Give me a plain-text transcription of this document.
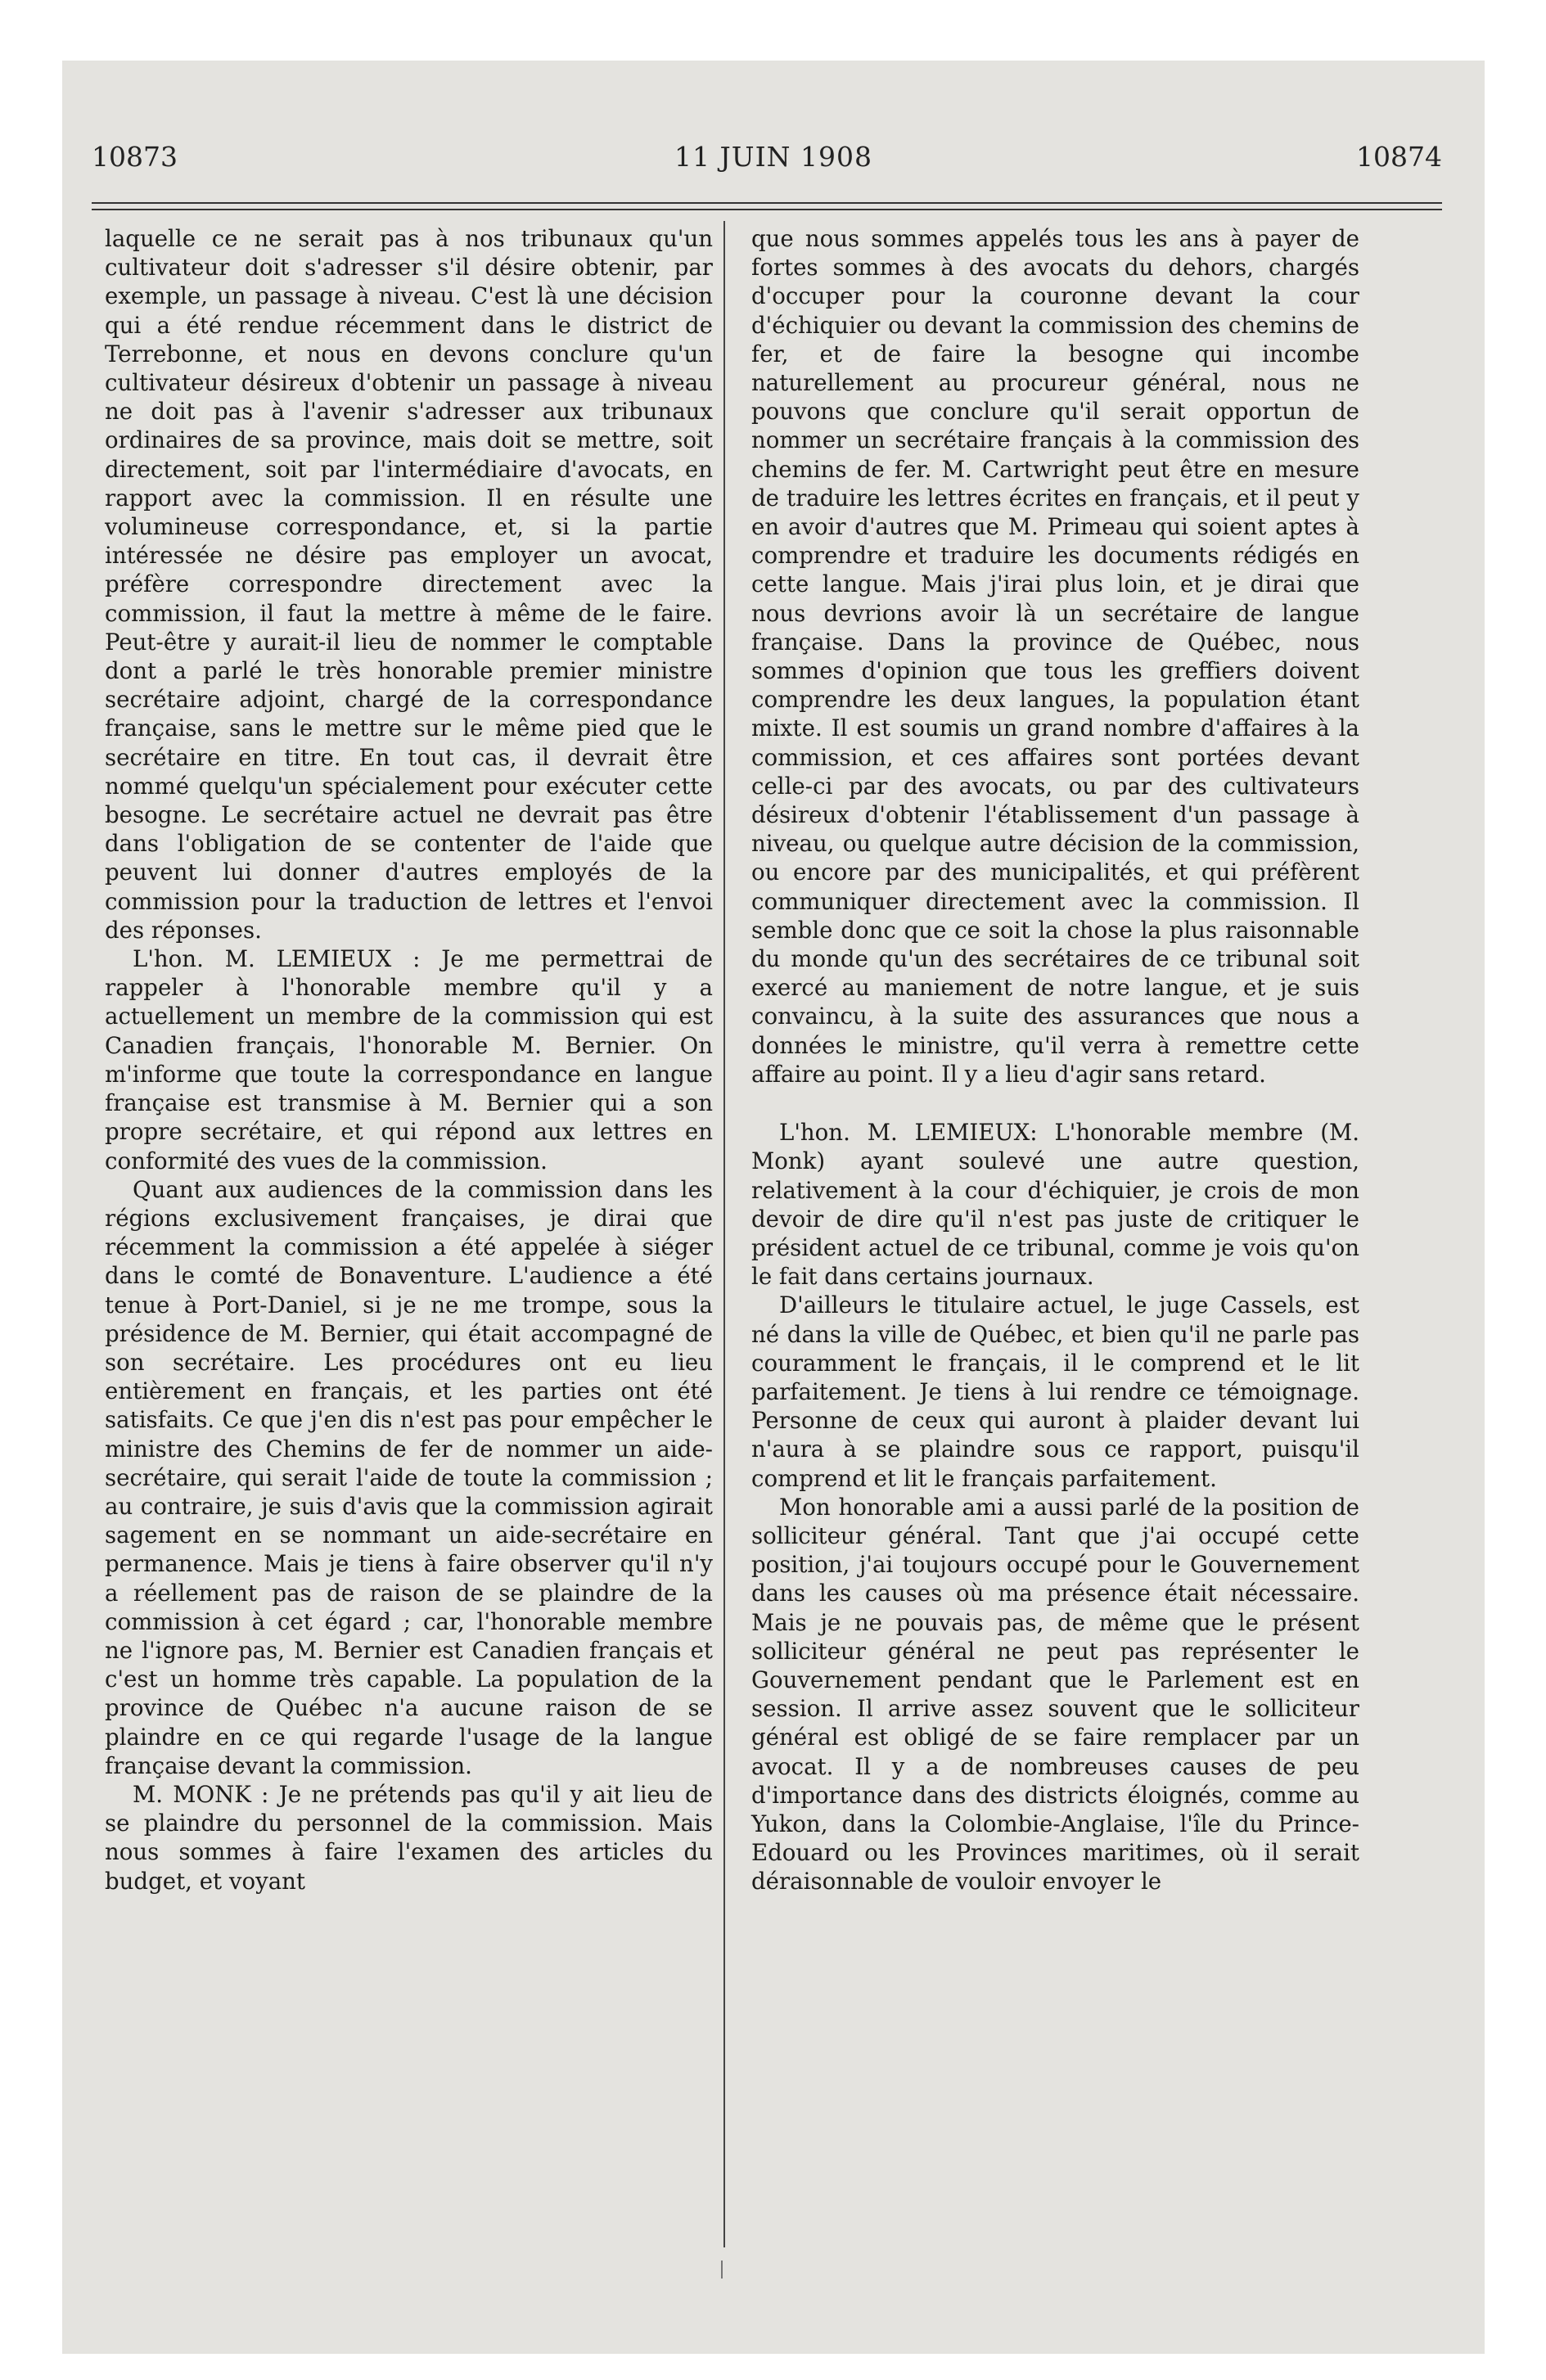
10873	11 JUIN 1908	10874

laquelle ce ne serait pas à nos tribunaux qu'un cultivateur doit s'adresser s'il désire obtenir, par exemple, un passage à niveau. C'est là une décision qui a été rendue récemment dans le district de Terrebonne, et nous en devons conclure qu'un cultivateur désireux d'obtenir un passage à niveau ne doit pas à l'avenir s'adresser aux tribunaux ordinaires de sa province, mais doit se mettre, soit directement, soit par l'intermédiaire d'avocats, en rapport avec la commission. Il en résulte une volumineuse correspondance, et, si la partie intéressée ne désire pas employer un avocat, préfère correspondre directement avec la commission, il faut la mettre à même de le faire. Peut-être y aurait-il lieu de nommer le comptable dont a parlé le très honorable premier ministre secrétaire adjoint, chargé de la correspondance française, sans le mettre sur le même pied que le secrétaire en titre. En tout cas, il devrait être nommé quelqu'un spécialement pour exécuter cette besogne. Le secrétaire actuel ne devrait pas être dans l'obligation de se contenter de l'aide que peuvent lui donner d'autres employés de la commission pour la traduction de lettres et l'envoi des réponses.

L'hon. M. LEMIEUX : Je me permettrai de rappeler à l'honorable membre qu'il y a actuellement un membre de la commission qui est Canadien français, l'honorable M. Bernier. On m'informe que toute la correspondance en langue française est transmise à M. Bernier qui a son propre secrétaire, et qui répond aux lettres en conformité des vues de la commission.

Quant aux audiences de la commission dans les régions exclusivement françaises, je dirai que récemment la commission a été appelée à siéger dans le comté de Bonaventure. L'audience a été tenue à Port-Daniel, si je ne me trompe, sous la présidence de M. Bernier, qui était accompagné de son secrétaire. Les procédures ont eu lieu entièrement en français, et les parties ont été satisfaits. Ce que j'en dis n'est pas pour empêcher le ministre des Chemins de fer de nommer un aide-secrétaire, qui serait l'aide de toute la commission ; au contraire, je suis d'avis que la commission agirait sagement en se nommant un aide-secrétaire en permanence. Mais je tiens à faire observer qu'il n'y a réellement pas de raison de se plaindre de la commission à cet égard ; car, l'honorable membre ne l'ignore pas, M. Bernier est Canadien français et c'est un homme très capable. La population de la province de Québec n'a aucune raison de se plaindre en ce qui regarde l'usage de la langue française devant la commission.

M. MONK : Je ne prétends pas qu'il y ait lieu de se plaindre du personnel de la commission. Mais nous sommes à faire l'examen des articles du budget, et voyant

que nous sommes appelés tous les ans à payer de fortes sommes à des avocats du dehors, chargés d'occuper pour la couronne devant la cour d'échiquier ou devant la commission des chemins de fer, et de faire la besogne qui incombe naturellement au procureur général, nous ne pouvons que conclure qu'il serait opportun de nommer un secrétaire français à la commission des chemins de fer. M. Cartwright peut être en mesure de traduire les lettres écrites en français, et il peut y en avoir d'autres que M. Primeau qui soient aptes à comprendre et traduire les documents rédigés en cette langue. Mais j'irai plus loin, et je dirai que nous devrions avoir là un secrétaire de langue française. Dans la province de Québec, nous sommes d'opinion que tous les greffiers doivent comprendre les deux langues, la population étant mixte. Il est soumis un grand nombre d'affaires à la commission, et ces affaires sont portées devant celle-ci par des avocats, ou par des cultivateurs désireux d'obtenir l'établissement d'un passage à niveau, ou quelque autre décision de la commission, ou encore par des municipalités, et qui préfèrent communiquer directement avec la commission. Il semble donc que ce soit la chose la plus raisonnable du monde qu'un des secrétaires de ce tribunal soit exercé au maniement de notre langue, et je suis convaincu, à la suite des assurances que nous a données le ministre, qu'il verra à remettre cette affaire au point. Il y a lieu d'agir sans retard.

L'hon. M. LEMIEUX: L'honorable membre (M. Monk) ayant soulevé une autre question, relativement à la cour d'échiquier, je crois de mon devoir de dire qu'il n'est pas juste de critiquer le président actuel de ce tribunal, comme je vois qu'on le fait dans certains journaux.

D'ailleurs le titulaire actuel, le juge Cassels, est né dans la ville de Québec, et bien qu'il ne parle pas couramment le français, il le comprend et le lit parfaitement. Je tiens à lui rendre ce témoignage. Personne de ceux qui auront à plaider devant lui n'aura à se plaindre sous ce rapport, puisqu'il comprend et lit le français parfaitement.

Mon honorable ami a aussi parlé de la position de solliciteur général. Tant que j'ai occupé cette position, j'ai toujours occupé pour le Gouvernement dans les causes où ma présence était nécessaire. Mais je ne pouvais pas, de même que le présent solliciteur général ne peut pas représenter le Gouvernement pendant que le Parlement est en session. Il arrive assez souvent que le solliciteur général est obligé de se faire remplacer par un avocat. Il y a de nombreuses causes de peu d'importance dans des districts éloignés, comme au Yukon, dans la Colombie-Anglaise, l'île du Prince-Edouard ou les Provinces maritimes, où il serait déraisonnable de vouloir envoyer le
